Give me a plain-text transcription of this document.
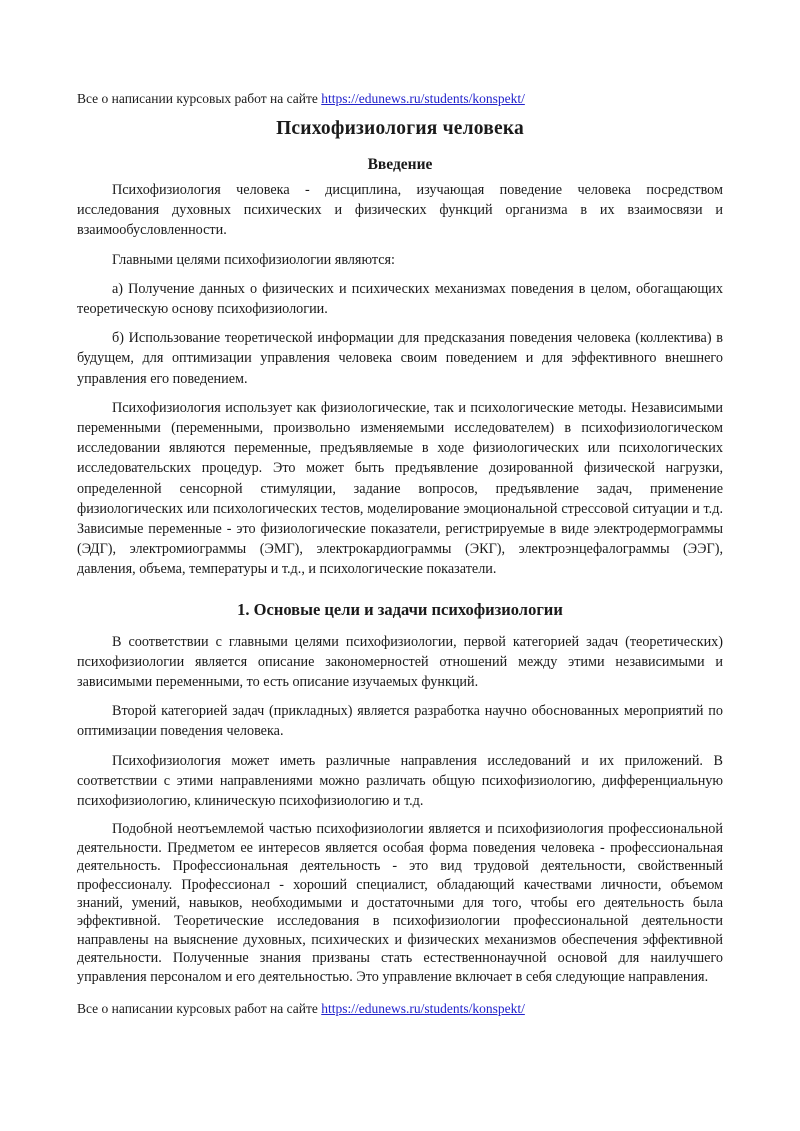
Все о написании курсовых работ на сайте https://edunews.ru/students/konspekt/

Психофизиология человека
Введение

Психофизиология человека - дисциплина, изучающая поведение человека посредством исследования духовных психических и физических функций организма в их взаимосвязи и взаимообусловленности.

Главными целями психофизиологии являются:

а) Получение данных о физических и психических механизмах поведения в целом, обогащающих теоретическую основу психофизиологии.

б) Использование теоретической информации для предсказания поведения человека (коллектива) в будущем, для оптимизации управления человека своим поведением и для эффективного внешнего управления его поведением.

Психофизиология использует как физиологические, так и психологические методы. Независимыми переменными (переменными, произвольно изменяемыми исследователем) в психофизиологическом исследовании являются переменные, предъявляемые в ходе физиологических или психологических исследовательских процедур. Это может быть предъявление дозированной физической нагрузки, определенной сенсорной стимуляции, задание вопросов, предъявление задач, применение физиологических или психологических тестов, моделирование эмоциональной стрессовой ситуации и т.д. Зависимые переменные - это физиологические показатели, регистрируемые в виде электродермограммы (ЭДГ), электромиограммы (ЭМГ), электрокардиограммы (ЭКГ), электроэнцефалограммы (ЭЭГ), давления, объема, температуры и т.д., и психологические показатели.

1. Основые цели и задачи психофизиологии

В соответствии с главными целями психофизиологии, первой категорией задач (теоретических) психофизиологии является описание закономерностей отношений между этими независимыми и зависимыми переменными, то есть описание изучаемых функций.

Второй категорией задач (прикладных) является разработка научно обоснованных мероприятий по оптимизации поведения человека.

Психофизиология может иметь различные направления исследований и их приложений. В соответствии с этими направлениями можно различать общую психофизиологию, дифференциальную психофизиологию, клиническую психофизиологию и т.д.

Подобной неотъемлемой частью психофизиологии является и психофизиология профессиональной деятельности. Предметом ее интересов является особая форма поведения человека - профессиональная деятельность. Профессиональная деятельность - это вид трудовой деятельности, свойственный профессионалу. Профессионал - хороший специалист, обладающий качествами личности, объемом знаний, умений, навыков, необходимыми и достаточными для того, чтобы его деятельность была эффективной. Теоретические исследования в психофизиологии профессиональной деятельности направлены на выяснение духовных, психических и физических механизмов обеспечения эффективной деятельности. Полученные знания призваны стать естественнонаучной основой для наилучшего управления персоналом и его деятельностью. Это управление включает в себя следующие направления.

Все о написании курсовых работ на сайте https://edunews.ru/students/konspekt/
